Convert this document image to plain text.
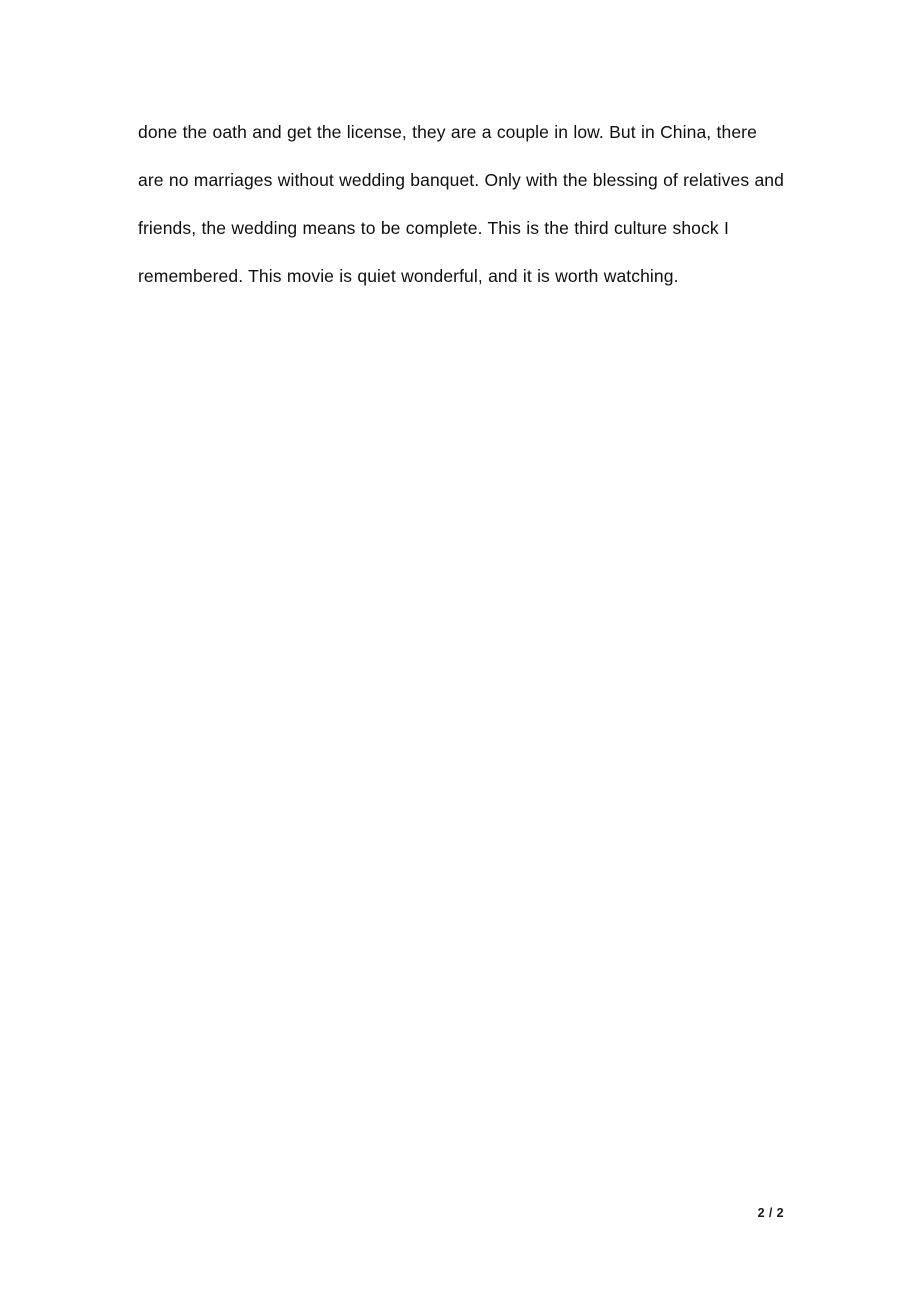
done the oath and get the license, they are a couple in low. But in China, there are no marriages without wedding banquet. Only with the blessing of relatives and friends, the wedding means to be complete. This is the third culture shock I remembered. This movie is quiet wonderful, and it is worth watching.

2 / 2
